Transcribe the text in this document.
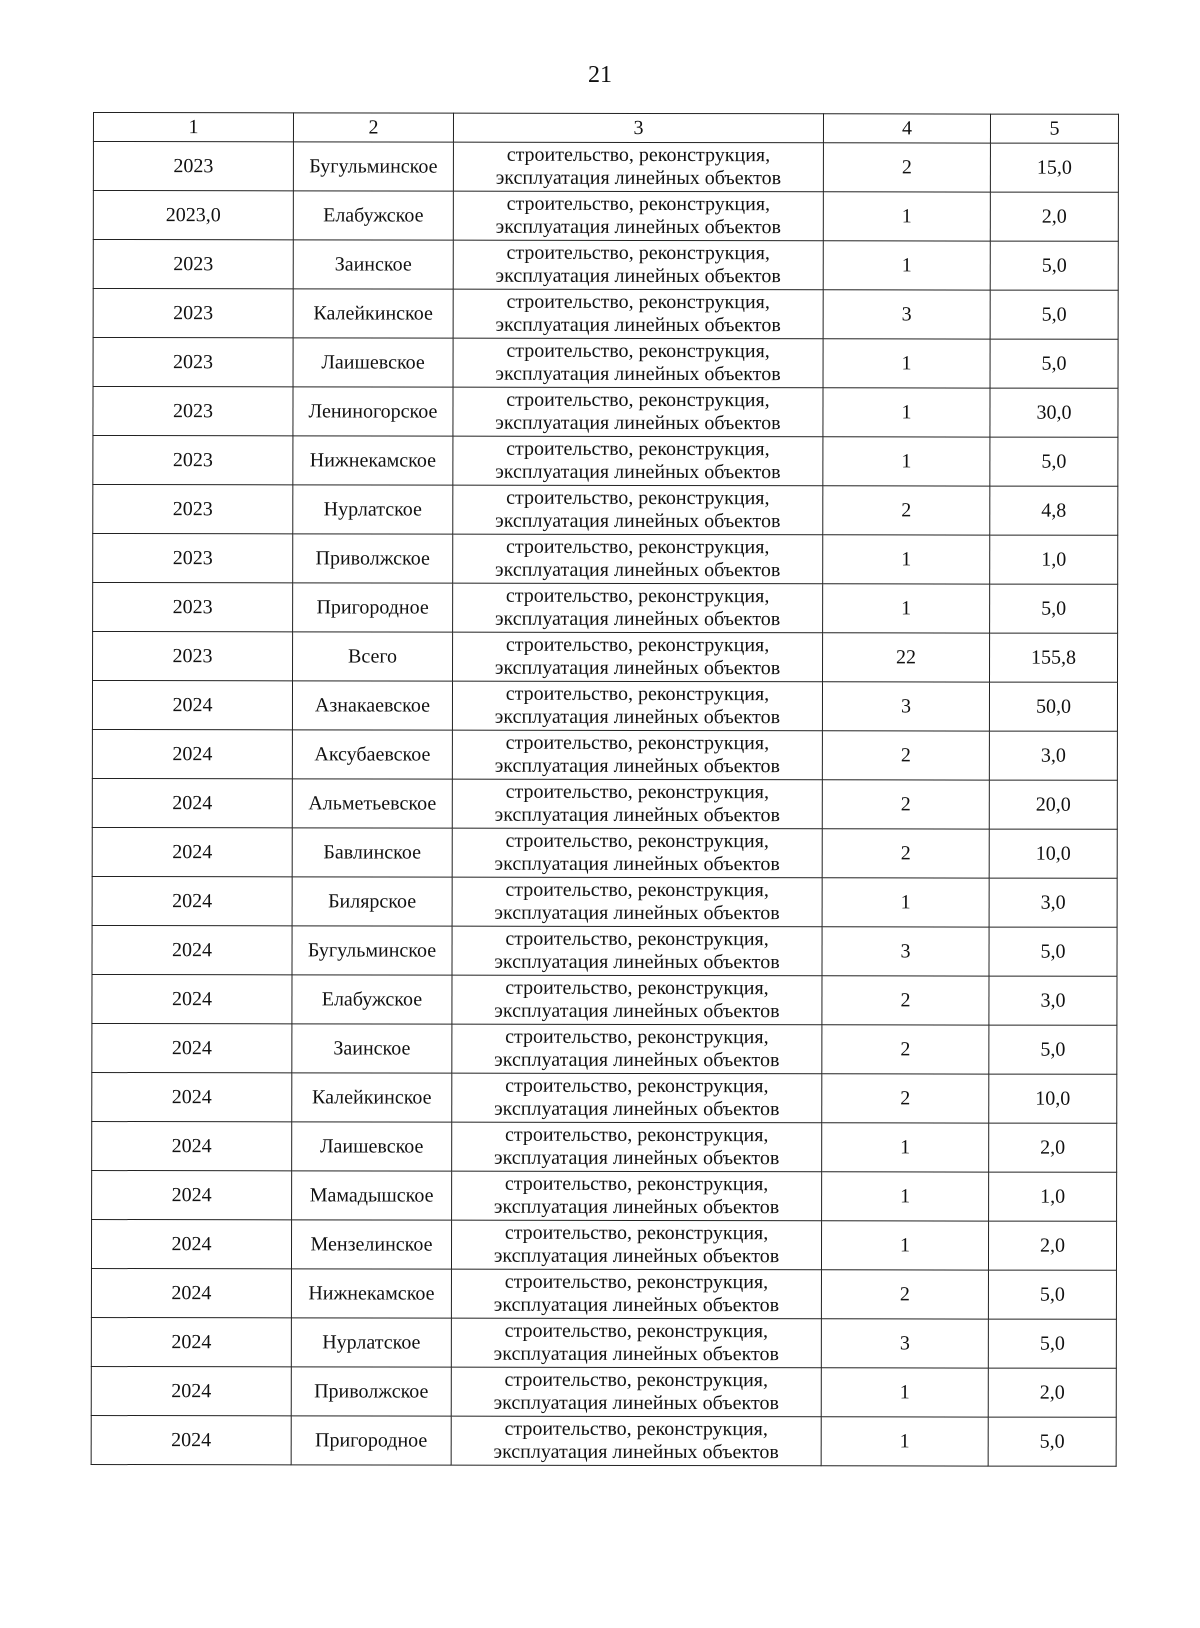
21
1	2	3	4	5
2023	Бугульминское	строительство, реконструкция,
эксплуатация линейных объектов	2	15,0
2023,0	Елабужское	строительство, реконструкция,
эксплуатация линейных объектов	1	2,0
2023	Заинское	строительство, реконструкция,
эксплуатация линейных объектов	1	5,0
2023	Калейкинское	строительство, реконструкция,
эксплуатация линейных объектов	3	5,0
2023	Лаишевское	строительство, реконструкция,
эксплуатация линейных объектов	1	5,0
2023	Лениногорское	строительство, реконструкция,
эксплуатация линейных объектов	1	30,0
2023	Нижнекамское	строительство, реконструкция,
эксплуатация линейных объектов	1	5,0
2023	Нурлатское	строительство, реконструкция,
эксплуатация линейных объектов	2	4,8
2023	Приволжское	строительство, реконструкция,
эксплуатация линейных объектов	1	1,0
2023	Пригородное	строительство, реконструкция,
эксплуатация линейных объектов	1	5,0
2023	Всего	строительство, реконструкция,
эксплуатация линейных объектов	22	155,8
2024	Азнакаевское	строительство, реконструкция,
эксплуатация линейных объектов	3	50,0
2024	Аксубаевское	строительство, реконструкция,
эксплуатация линейных объектов	2	3,0
2024	Альметьевское	строительство, реконструкция,
эксплуатация линейных объектов	2	20,0
2024	Бавлинское	строительство, реконструкция,
эксплуатация линейных объектов	2	10,0
2024	Билярское	строительство, реконструкция,
эксплуатация линейных объектов	1	3,0
2024	Бугульминское	строительство, реконструкция,
эксплуатация линейных объектов	3	5,0
2024	Елабужское	строительство, реконструкция,
эксплуатация линейных объектов	2	3,0
2024	Заинское	строительство, реконструкция,
эксплуатация линейных объектов	2	5,0
2024	Калейкинское	строительство, реконструкция,
эксплуатация линейных объектов	2	10,0
2024	Лаишевское	строительство, реконструкция,
эксплуатация линейных объектов	1	2,0
2024	Мамадышское	строительство, реконструкция,
эксплуатация линейных объектов	1	1,0
2024	Мензелинское	строительство, реконструкция,
эксплуатация линейных объектов	1	2,0
2024	Нижнекамское	строительство, реконструкция,
эксплуатация линейных объектов	2	5,0
2024	Нурлатское	строительство, реконструкция,
эксплуатация линейных объектов	3	5,0
2024	Приволжское	строительство, реконструкция,
эксплуатация линейных объектов	1	2,0
2024	Пригородное	строительство, реконструкция,
эксплуатация линейных объектов	1	5,0
